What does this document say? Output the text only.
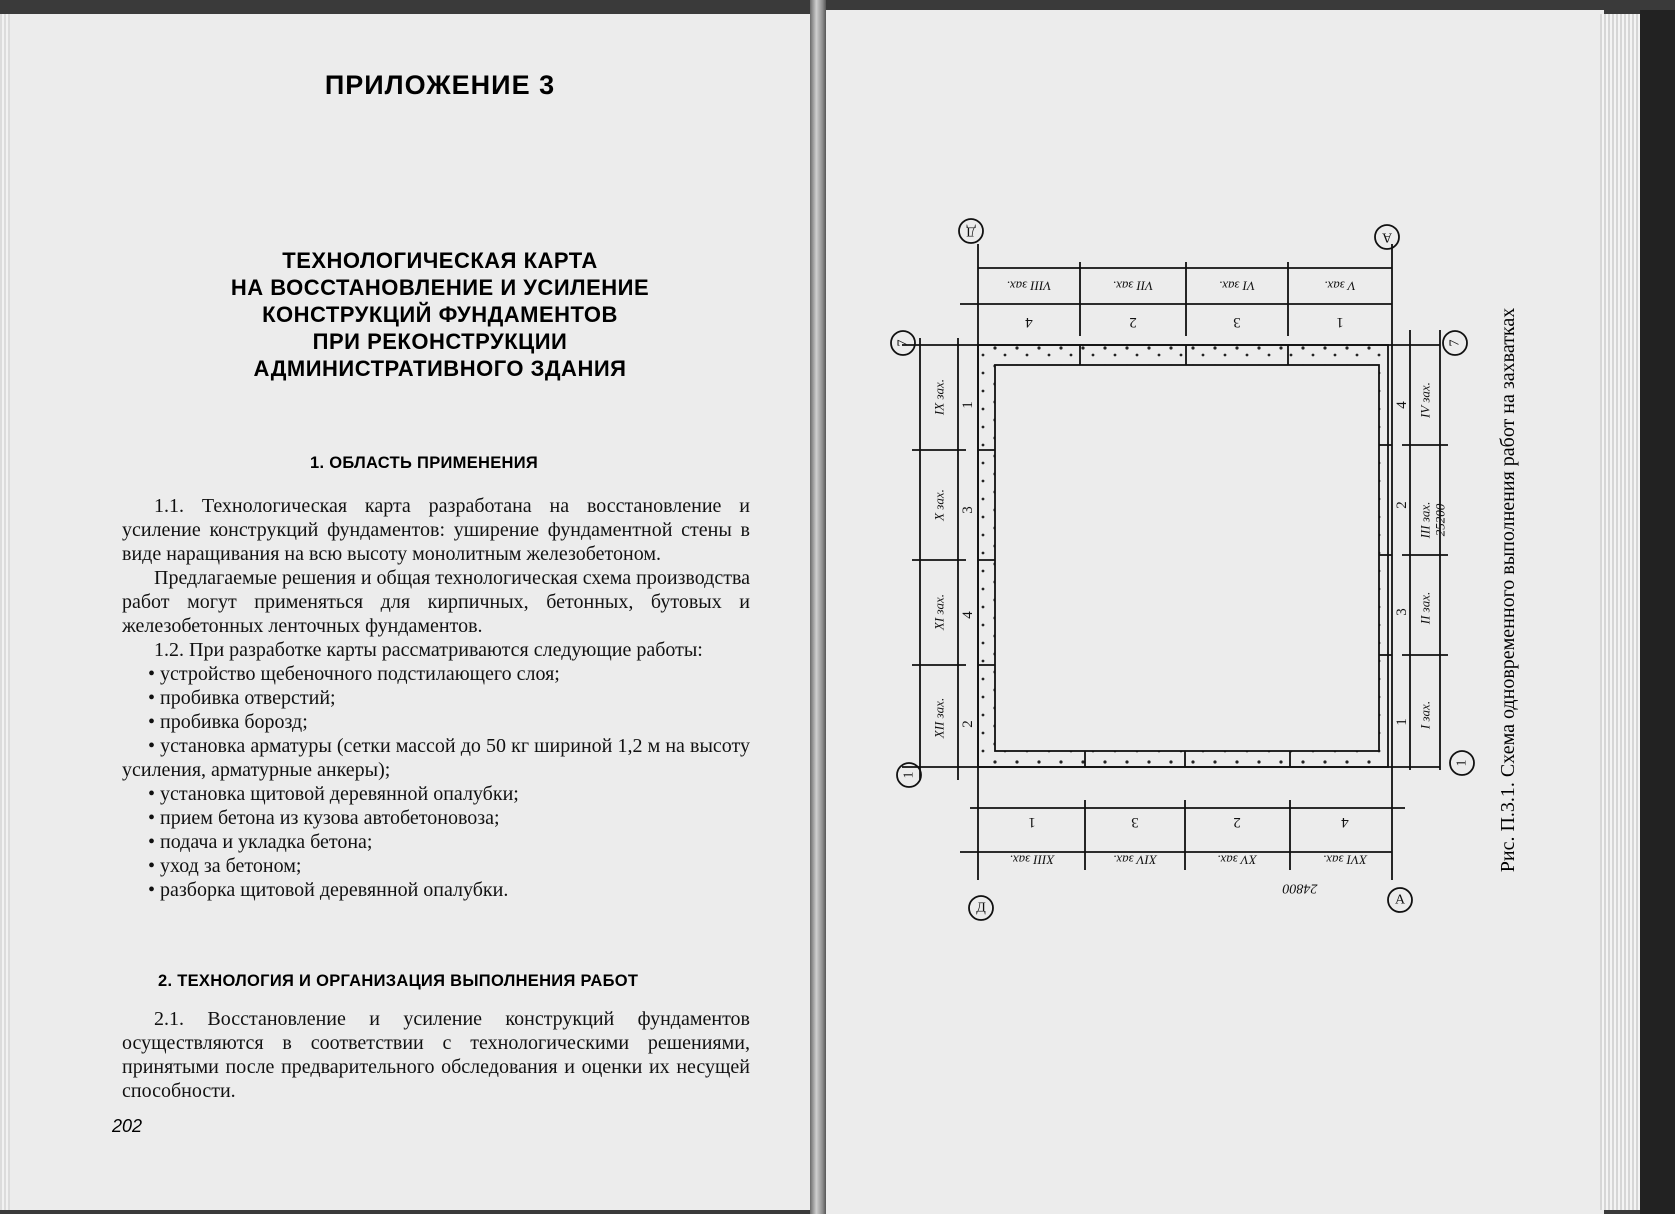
ПРИЛОЖЕНИЕ 3
ТЕХНОЛОГИЧЕСКАЯ КАРТА
НА ВОССТАНОВЛЕНИЕ И УСИЛЕНИЕ
КОНСТРУКЦИЙ ФУНДАМЕНТОВ
ПРИ РЕКОНСТРУКЦИИ
АДМИНИСТРАТИВНОГО ЗДАНИЯ
1. ОБЛАСТЬ ПРИМЕНЕНИЯ
1.1. Технологическая карта разработана на восстановление и усиление конструкций фундаментов: уширение фундаментной стены в виде наращивания на всю высоту монолитным железобетоном.
Предлагаемые решения и общая технологическая схема производства работ могут применяться для кирпичных, бетонных, бутовых и железобетонных ленточных фундаментов.
1.2. При разработке карты рассматриваются следующие работы:
• устройство щебеночного подстилающего слоя;
• пробивка отверстий;
• пробивка борозд;
• установка арматуры (сетки массой до 50 кг шириной 1,2 м на высоту усиления, арматурные анкеры);
• установка щитовой деревянной опалубки;
• прием бетона из кузова автобетоновоза;
• подача и укладка бетона;
• уход за бетоном;
• разборка щитовой деревянной опалубки.
2. ТЕХНОЛОГИЯ И ОРГАНИЗАЦИЯ ВЫПОЛНЕНИЯ РАБОТ
2.1. Восстановление и усиление конструкций фундаментов осуществляются в соответствии с технологическими решениями, принятыми после предварительного обследования и оценки их несущей способности.
202
Д	А
Д
А
7
1
7
1
VIII зах.	VII зах.	VI зах.	V зах.
4	2	3	1
1	3	2	4
XIII зах.	XIV зах.	XV зах.	XVI зах.
24800
IX зах.
X зах.
XI зах.
XII зах.
1
3
4
2
4
2
3
1
IV зах.
III зах.
II зах.
I зах.
25200 Рис. П.3.1. Схема одновременного выполнения работ на захватках
